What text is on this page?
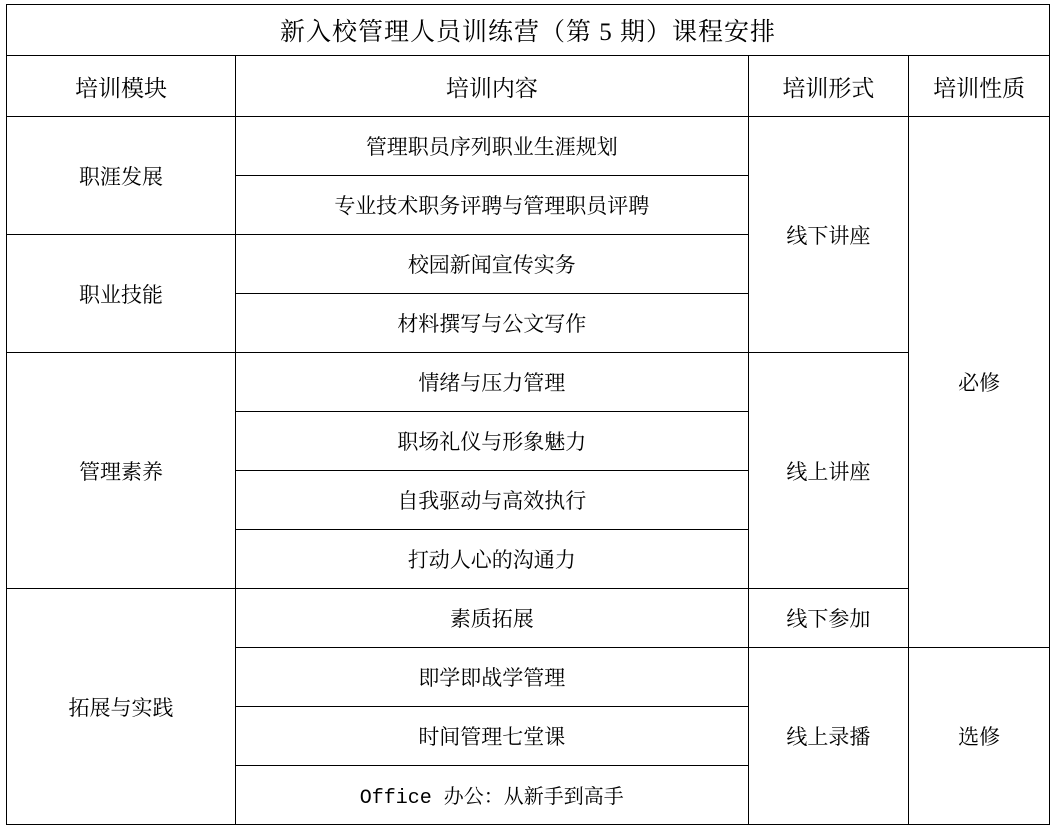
新入校管理人员训练营（第 5 期）课程安排			
培训模块	培训内容	培训形式	培训性质
职涯发展	管理职员序列职业生涯规划	线下讲座	必修
	专业技术职务评聘与管理职员评聘		
职业技能	校园新闻宣传实务		
	材料撰写与公文写作		
管理素养	情绪与压力管理	线上讲座	
	职场礼仪与形象魅力		
	自我驱动与高效执行		
	打动人心的沟通力		
拓展与实践	素质拓展	线下参加	
	即学即战学管理	线上录播	选修
	时间管理七堂课		
	Office 办公：从新手到高手		
